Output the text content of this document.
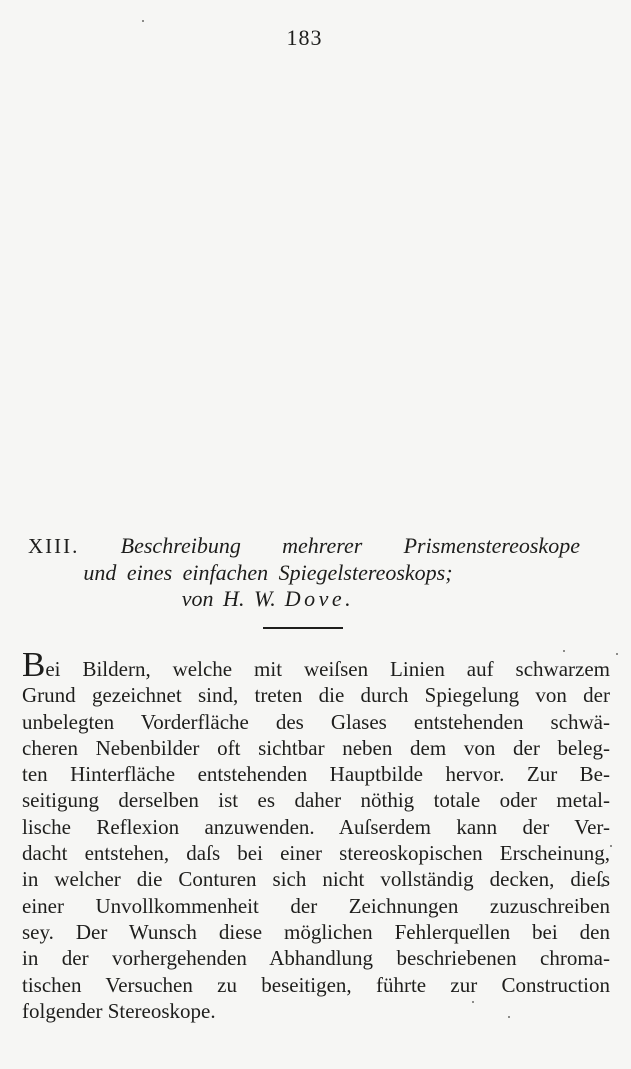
183
XIII. Beschreibung mehrerer Prismenstereoskope
und eines einfachen Spiegelstereoskops;
von H. W. Dove.
Bei Bildern, welche mit weiſsen Linien auf schwarzem
Grund gezeichnet sind, treten die durch Spiegelung von der
unbelegten Vorderfläche des Glases entstehenden schwä-
cheren Nebenbilder oft sichtbar neben dem von der beleg-
ten Hinterfläche entstehenden Hauptbilde hervor. Zur Be-
seitigung derselben ist es daher nöthig totale oder metal-
lische Reflexion anzuwenden. Auſserdem kann der Ver-
dacht entstehen, daſs bei einer stereoskopischen Erscheinung,
in welcher die Conturen sich nicht vollständig decken, dieſs
einer Unvollkommenheit der Zeichnungen zuzuschreiben
sey. Der Wunsch diese möglichen Fehlerquellen bei den
in der vorhergehenden Abhandlung beschriebenen chroma-
tischen Versuchen zu beseitigen, führte zur Construction
folgender Stereoskope.
